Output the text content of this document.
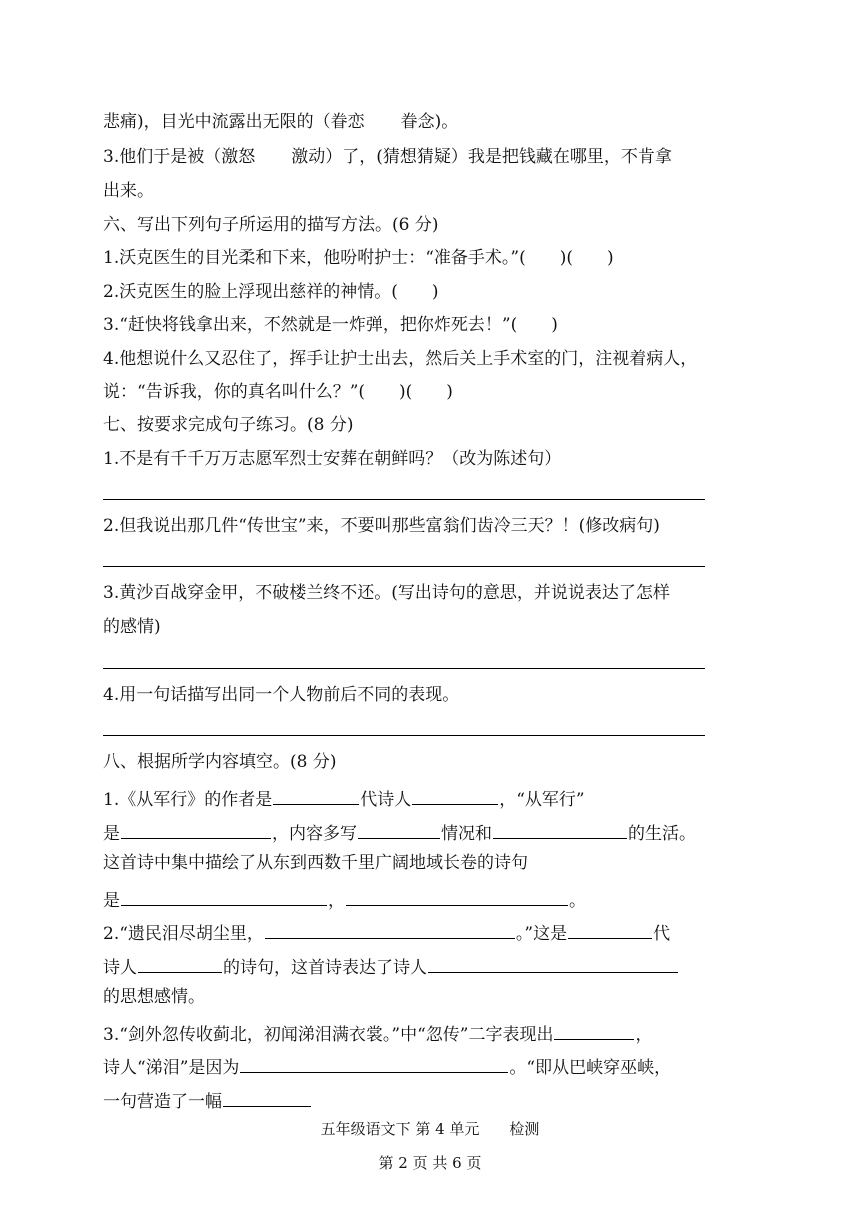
悲痛)，目光中流露出无限的（眷恋 眷念)。

3.他们于是被（激怒 激动）了，(猜想猜疑）我是把钱藏在哪里，不肯拿

出来。

六、写出下列句子所运用的描写方法。(6 分)

1.沃克医生的目光柔和下来，他吩咐护士：“准备手术。”(　　)(　　)

2.沃克医生的脸上浮现出慈祥的神情。(　　)

3.“赶快将钱拿出来，不然就是一炸弹，把你炸死去！”(　　)

4.他想说什么又忍住了，挥手让护士出去，然后关上手术室的门，注视着病人，

说：“告诉我，你的真名叫什么？”(　　)(　　)

七、按要求完成句子练习。(8 分)

1.不是有千千万万志愿军烈士安葬在朝鲜吗？（改为陈述句）

2.但我说出那几件“传世宝”来，不要叫那些富翁们齿冷三天？！(修改病句)

3.黄沙百战穿金甲，不破楼兰终不还。(写出诗句的意思，并说说表达了怎样

的感情)

4.用一句话描写出同一个人物前后不同的表现。

八、根据所学内容填空。(8 分)

1.《从军行》的作者是	代诗人	，“从军行”

是	，内容多写	情况和	的生活。

这首诗中集中描绘了从东到西数千里广阔地域长卷的诗句

是	，	。

2.“遗民泪尽胡尘里，	。”这是	代

诗人	的诗句，这首诗表达了诗人

的思想感情。

3.“剑外忽传收蓟北，初闻涕泪满衣裳。”中“忽传”二字表现出	，

诗人“涕泪”是因为	。“即从巴峡穿巫峡，

一句营造了一幅

五年级语文下 第 4 单元　　检测

第 2 页 共 6 页
